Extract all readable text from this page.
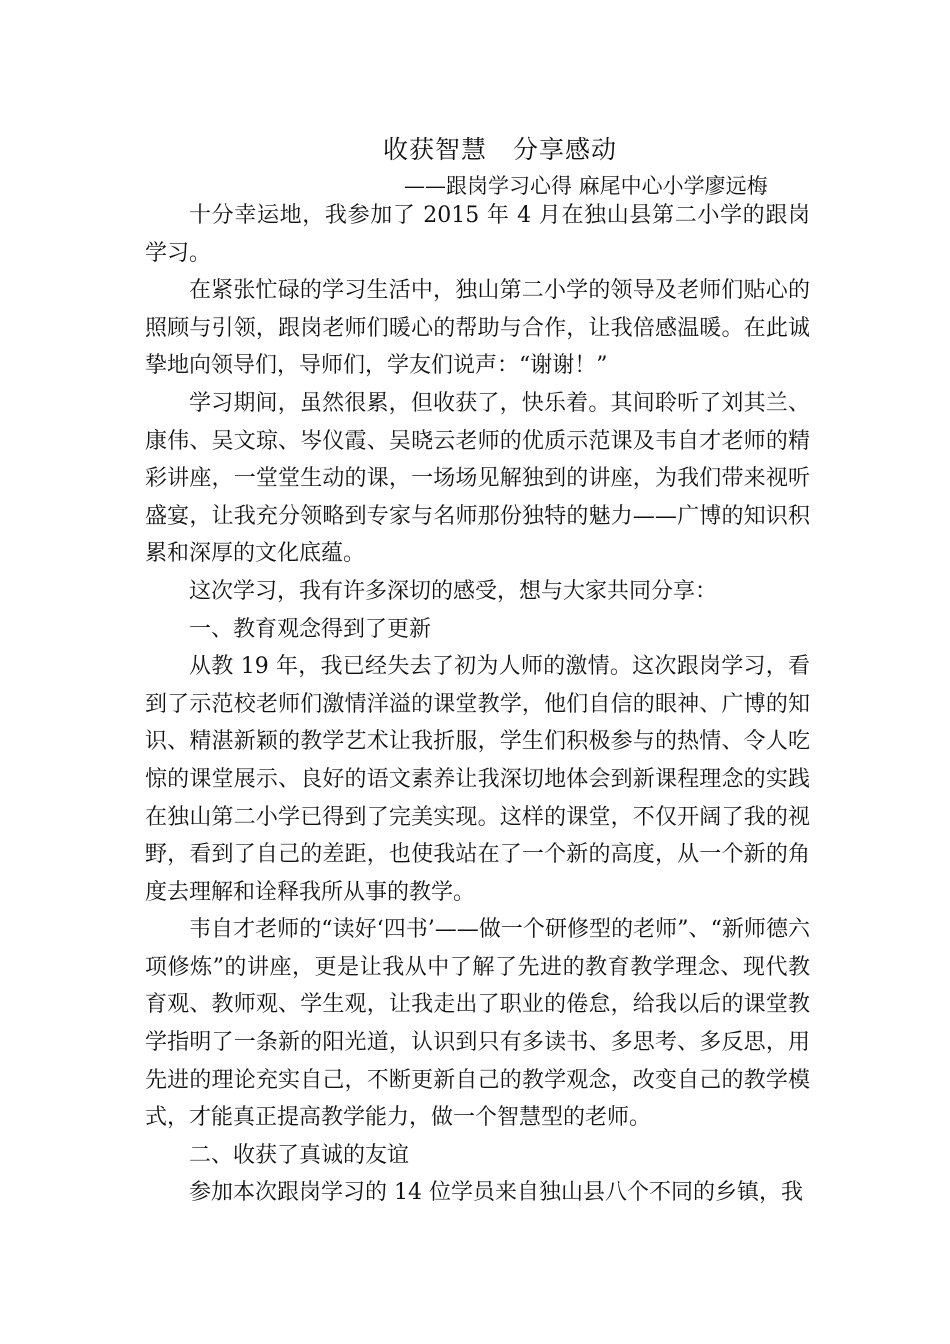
收获智慧　分享感动
——跟岗学习心得 麻尾中心小学廖远梅

十分幸运地，我参加了 2015 年 4 月在独山县第二小学的跟岗学习。

在紧张忙碌的学习生活中，独山第二小学的领导及老师们贴心的照顾与引领，跟岗老师们暖心的帮助与合作，让我倍感温暖。在此诚挚地向领导们，导师们，学友们说声：“谢谢！”

学习期间，虽然很累，但收获了，快乐着。其间聆听了刘其兰、康伟、吴文琼、岑仪霞、吴晓云老师的优质示范课及韦自才老师的精彩讲座，一堂堂生动的课，一场场见解独到的讲座，为我们带来视听盛宴，让我充分领略到专家与名师那份独特的魅力——广博的知识积累和深厚的文化底蕴。

这次学习，我有许多深切的感受，想与大家共同分享：

一、教育观念得到了更新

从教 19 年，我已经失去了初为人师的激情。这次跟岗学习，看到了示范校老师们激情洋溢的课堂教学，他们自信的眼神、广博的知识、精湛新颖的教学艺术让我折服，学生们积极参与的热情、令人吃惊的课堂展示、良好的语文素养让我深切地体会到新课程理念的实践在独山第二小学已得到了完美实现。这样的课堂，不仅开阔了我的视野，看到了自己的差距，也使我站在了一个新的高度，从一个新的角度去理解和诠释我所从事的教学。

韦自才老师的“读好‘四书’——做一个研修型的老师”、“新师德六项修炼”的讲座，更是让我从中了解了先进的教育教学理念、现代教育观、教师观、学生观，让我走出了职业的倦怠，给我以后的课堂教学指明了一条新的阳光道，认识到只有多读书、多思考、多反思，用先进的理论充实自己，不断更新自己的教学观念，改变自己的教学模式，才能真正提高教学能力，做一个智慧型的老师。

二、收获了真诚的友谊

参加本次跟岗学习的 14 位学员来自独山县八个不同的乡镇，我
